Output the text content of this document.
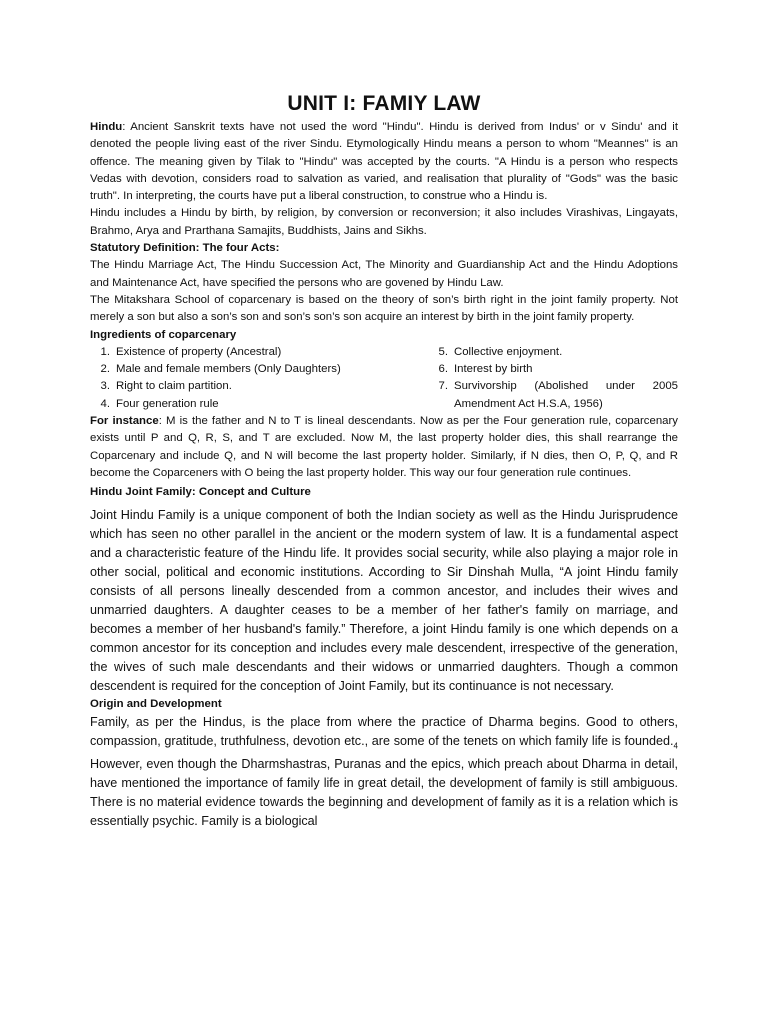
UNIT I: FAMIY LAW

Hindu: Ancient Sanskrit texts have not used the word "Hindu". Hindu is derived from Indus' or v Sindu' and it denoted the people living east of the river Sindu. Etymologically Hindu means a person to whom "Meannes" is an offence. The meaning given by Tilak to "Hindu" was accepted by the courts. "A Hindu is a person who respects Vedas with devotion, considers road to salvation as varied, and realisation that plurality of "Gods" was the basic truth". In interpreting, the courts have put a liberal construction, to construe who a Hindu is.

Hindu includes a Hindu by birth, by religion, by conversion or reconversion; it also includes Virashivas, Lingayats, Brahmo, Arya and Prarthana Samajits, Buddhists, Jains and Sikhs.

Statutory Definition: The four Acts:

The Hindu Marriage Act, The Hindu Succession Act, The Minority and Guardianship Act and the Hindu Adoptions and Maintenance Act, have specified the persons who are govened by Hindu Law.

The Mitakshara School of coparcenary is based on the theory of son’s birth right in the joint family property. Not merely a son but also a son’s son and son’s son’s son acquire an interest by birth in the joint family property.

Ingredients of coparcenary

1. Existence of property (Ancestral)
2. Male and female members (Only Daughters)
3. Right to claim partition.
4. Four generation rule
5. Collective enjoyment.
6. Interest by birth
7. Survivorship (Abolished under 2005 Amendment Act H.S.A, 1956)

For instance: M is the father and N to T is lineal descendants. Now as per the Four generation rule, coparcenary exists until P and Q, R, S, and T are excluded. Now M, the last property holder dies, this shall rearrange the Coparcenary and include Q, and N will become the last property holder. Similarly, if N dies, then O, P, Q, and R become the Coparceners with O being the last property holder. This way our four generation rule continues.

Hindu Joint Family: Concept and Culture

Joint Hindu Family is a unique component of both the Indian society as well as the Hindu Jurisprudence which has seen no other parallel in the ancient or the modern system of law. It is a fundamental aspect and a characteristic feature of the Hindu life. It provides social security, while also playing a major role in other social, political and economic institutions. According to Sir Dinshah Mulla, “A joint Hindu family consists of all persons lineally descended from a common ancestor, and includes their wives and unmarried daughters. A daughter ceases to be a member of her father's family on marriage, and becomes a member of her husband's family.” Therefore, a joint Hindu family is one which depends on a common ancestor for its conception and includes every male descendent, irrespective of the generation, the wives of such male descendants and their widows or unmarried daughters. Though a common descendent is required for the conception of Joint Family, but its continuance is not necessary.

Origin and Development

Family, as per the Hindus, is the place from where the practice of Dharma begins. Good to others, compassion, gratitude, truthfulness, devotion etc., are some of the tenets on which family life is $founded._4$ However, even though the Dharmshastras, Puranas and the epics, which preach about Dharma in detail, have mentioned the importance of family life in great detail, the development of family is still ambiguous. There is no material evidence towards the beginning and development of family as it is a relation which is essentially psychic. Family is a biological
